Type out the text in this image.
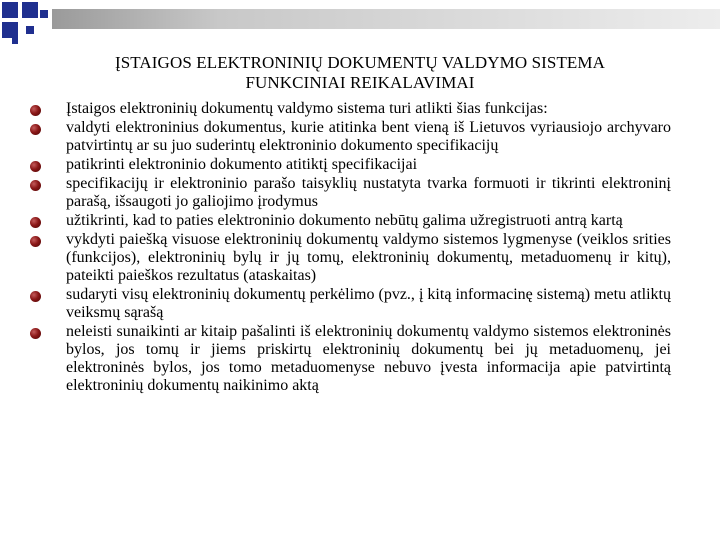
ĮSTAIGOS ELEKTRONINIŲ DOKUMENTŲ VALDYMO SISTEMA
FUNKCINIAI REIKALAVIMAI
Įstaigos elektroninių dokumentų valdymo sistema turi atlikti šias funkcijas:
valdyti elektroninius dokumentus, kurie atitinka bent vieną iš Lietuvos vyriausiojo archyvaro patvirtintų ar su juo suderintų elektroninio dokumento specifikacijų
patikrinti elektroninio dokumento atitiktį specifikacijai
specifikacijų ir elektroninio parašo taisyklių nustatyta tvarka formuoti ir tikrinti elektroninį parašą, išsaugoti jo galiojimo įrodymus
užtikrinti, kad to paties elektroninio dokumento nebūtų galima užregistruoti antrą kartą
vykdyti paiešką visuose elektroninių dokumentų valdymo sistemos lygmenyse (veiklos srities (funkcijos), elektroninių bylų ir jų tomų, elektroninių dokumentų, metaduomenų ir kitų), pateikti paieškos rezultatus (ataskaitas)
sudaryti visų elektroninių dokumentų perkėlimo (pvz., į kitą informacinę sistemą) metu atliktų veiksmų sąrašą
neleisti sunaikinti ar kitaip pašalinti iš elektroninių dokumentų valdymo sistemos elektroninės bylos, jos tomų ir jiems priskirtų elektroninių dokumentų bei jų metaduomenų, jei elektroninės bylos, jos tomo metaduomenyse nebuvo įvesta informacija apie patvirtintą elektroninių dokumentų naikinimo aktą
